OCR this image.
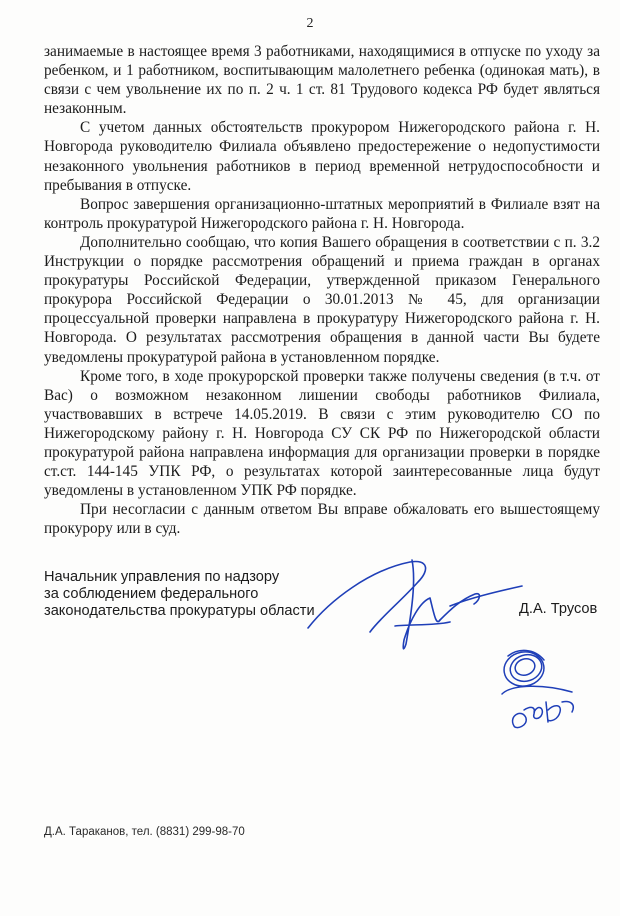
2

занимаемые в настоящее время 3 работниками, находящимися в отпуске по уходу за ребенком, и 1 работником, воспитывающим малолетнего ребенка (одинокая мать), в связи с чем увольнение их по п. 2 ч. 1 ст. 81 Трудового кодекса РФ будет являться незаконным.

С учетом данных обстоятельств прокурором Нижегородского района г. Н. Новгорода руководителю Филиала объявлено предостережение о недопустимости незаконного увольнения работников в период временной нетрудоспособности и пребывания в отпуске.

Вопрос завершения организационно-штатных мероприятий в Филиале взят на контроль прокуратурой Нижегородского района г. Н. Новгорода.

Дополнительно сообщаю, что копия Вашего обращения в соответствии с п. 3.2 Инструкции о порядке рассмотрения обращений и приема граждан в органах прокуратуры Российской Федерации, утвержденной приказом Генерального прокурора Российской Федерации о 30.01.2013 № 45, для организации процессуальной проверки направлена в прокуратуру Нижегородского района г. Н. Новгорода. О результатах рассмотрения обращения в данной части Вы будете уведомлены прокуратурой района в установленном порядке.

Кроме того, в ходе прокурорской проверки также получены сведения (в т.ч. от Вас) о возможном незаконном лишении свободы работников Филиала, участвовавших в встрече 14.05.2019. В связи с этим руководителю СО по Нижегородскому району г. Н. Новгорода СУ СК РФ по Нижегородской области прокуратурой района направлена информация для организации проверки в порядке ст.ст. 144-145 УПК РФ, о результатах которой заинтересованные лица будут уведомлены в установленном УПК РФ порядке.

При несогласии с данным ответом Вы вправе обжаловать его вышестоящему прокурору или в суд.

Начальник управления по надзору
за соблюдением федерального
законодательства прокуратуры области	Д.А. Трусов
Д.А. Тараканов, тел. (8831) 299-98-70
